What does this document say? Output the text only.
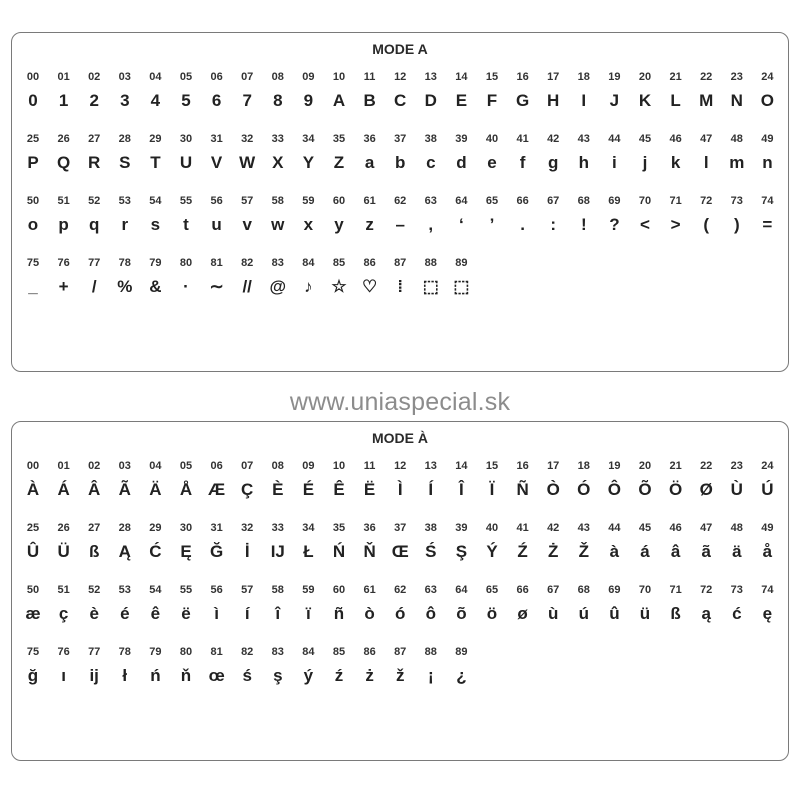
MODE A
00
0
01
1
02
2
03
3
04
4
05
5
06
6
07
7
08
8
09
9
10
A
11
B
12
C
13
D
14
E
15
F
16
G
17
H
18
I
19
J
20
K
21
L
22
M
23
N
24
O
25
P
26
Q
27
R
28
S
29
T
30
U
31
V
32
W
33
X
34
Y
35
Z
36
a
37
b
38
c
39
d
40
e
41
f
42
g
43
h
44
i
45
j
46
k
47
l
48
m
49
n
50
o
51
p
52
q
53
r
54
s
55
t
56
u
57
v
58
w
59
x
60
y
61
z
62
–
63
,
64
‘
65
’
66
.
67
:
68
!
69
?
70
<
71
>
72
(
73
)
74
=
75
_
76
+
77
/
78
%
79
&
80
·
81
∼
82
//
83
@
84
♪
85
☆
86
♡
87
⁞
88
⬚
89
⬚
www.uniaspecial.sk
MODE À
00
À
01
Á
02
Â
03
Ã
04
Ä
05
Å
06
Æ
07
Ç
08
È
09
É
10
Ê
11
Ë
12
Ì
13
Í
14
Î
15
Ï
16
Ñ
17
Ò
18
Ó
19
Ô
20
Õ
21
Ö
22
Ø
23
Ù
24
Ú
25
Û
26
Ü
27
ß
28
Ą
29
Ć
30
Ę
31
Ğ
32
İ
33
IJ
34
Ł
35
Ń
36
Ň
37
Œ
38
Ś
39
Ş
40
Ý
41
Ź
42
Ż
43
Ž
44
à
45
á
46
â
47
ã
48
ä
49
å
50
æ
51
ç
52
è
53
é
54
ê
55
ë
56
ì
57
í
58
î
59
ï
60
ñ
61
ò
62
ó
63
ô
64
õ
65
ö
66
ø
67
ù
68
ú
69
û
70
ü
71
ß
72
ą
73
ć
74
ę
75
ğ
76
ı
77
ij
78
ł
79
ń
80
ň
81
œ
82
ś
83
ş
84
ý
85
ź
86
ż
87
ž
88
¡
89
¿
